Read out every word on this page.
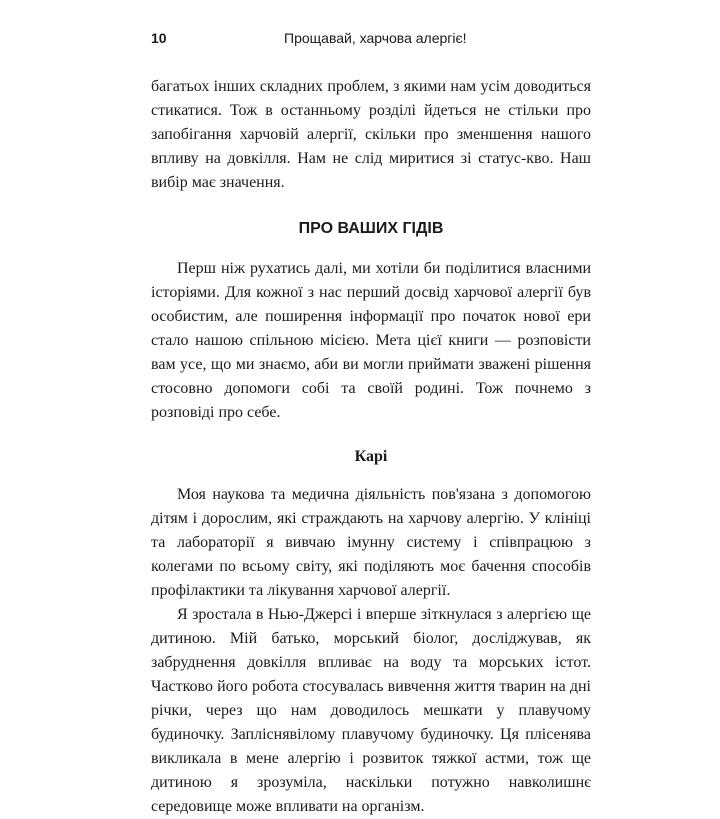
10	Прощавай, харчова алергіє!

багатьох інших складних проблем, з якими нам усім доводиться стикатися. Тож в останньому розділі йдеться не стільки про запобігання харчовій алергії, скільки про зменшення нашого впливу на довкілля. Нам не слід миритися зі статус-кво. Наш вибір має значення.

ПРО ВАШИХ ГІДІВ

Перш ніж рухатись далі, ми хотіли би поділитися власними історіями. Для кожної з нас перший досвід харчової алергії був особистим, але поширення інформації про початок нової ери стало нашою спільною місією. Мета цієї книги — розповісти вам усе, що ми знаємо, аби ви могли приймати зважені рішення стосовно допомоги собі та своїй родині. Тож почнемо з розповіді про себе.

Карі

Моя наукова та медична діяльність пов'язана з допомогою дітям і дорослим, які страждають на харчову алергію. У клініці та лабораторії я вивчаю імунну систему і співпрацюю з колегами по всьому світу, які поділяють моє бачення способів профілактики та лікування харчової алергії.

Я зростала в Нью-Джерсі і вперше зіткнулася з алергією ще дитиною. Мій батько, морський біолог, досліджував, як забруднення довкілля впливає на воду та морських істот. Частково його робота стосувалась вивчення життя тварин на дні річки, через що нам доводилось мешкати у плавучому будиночку. Запліснявілому плавучому будиночку. Ця плісенява викликала в мене алергію і розвиток тяжкої астми, тож ще дитиною я зрозуміла, наскільки потужно навколишнє середовище може впливати на організм.
